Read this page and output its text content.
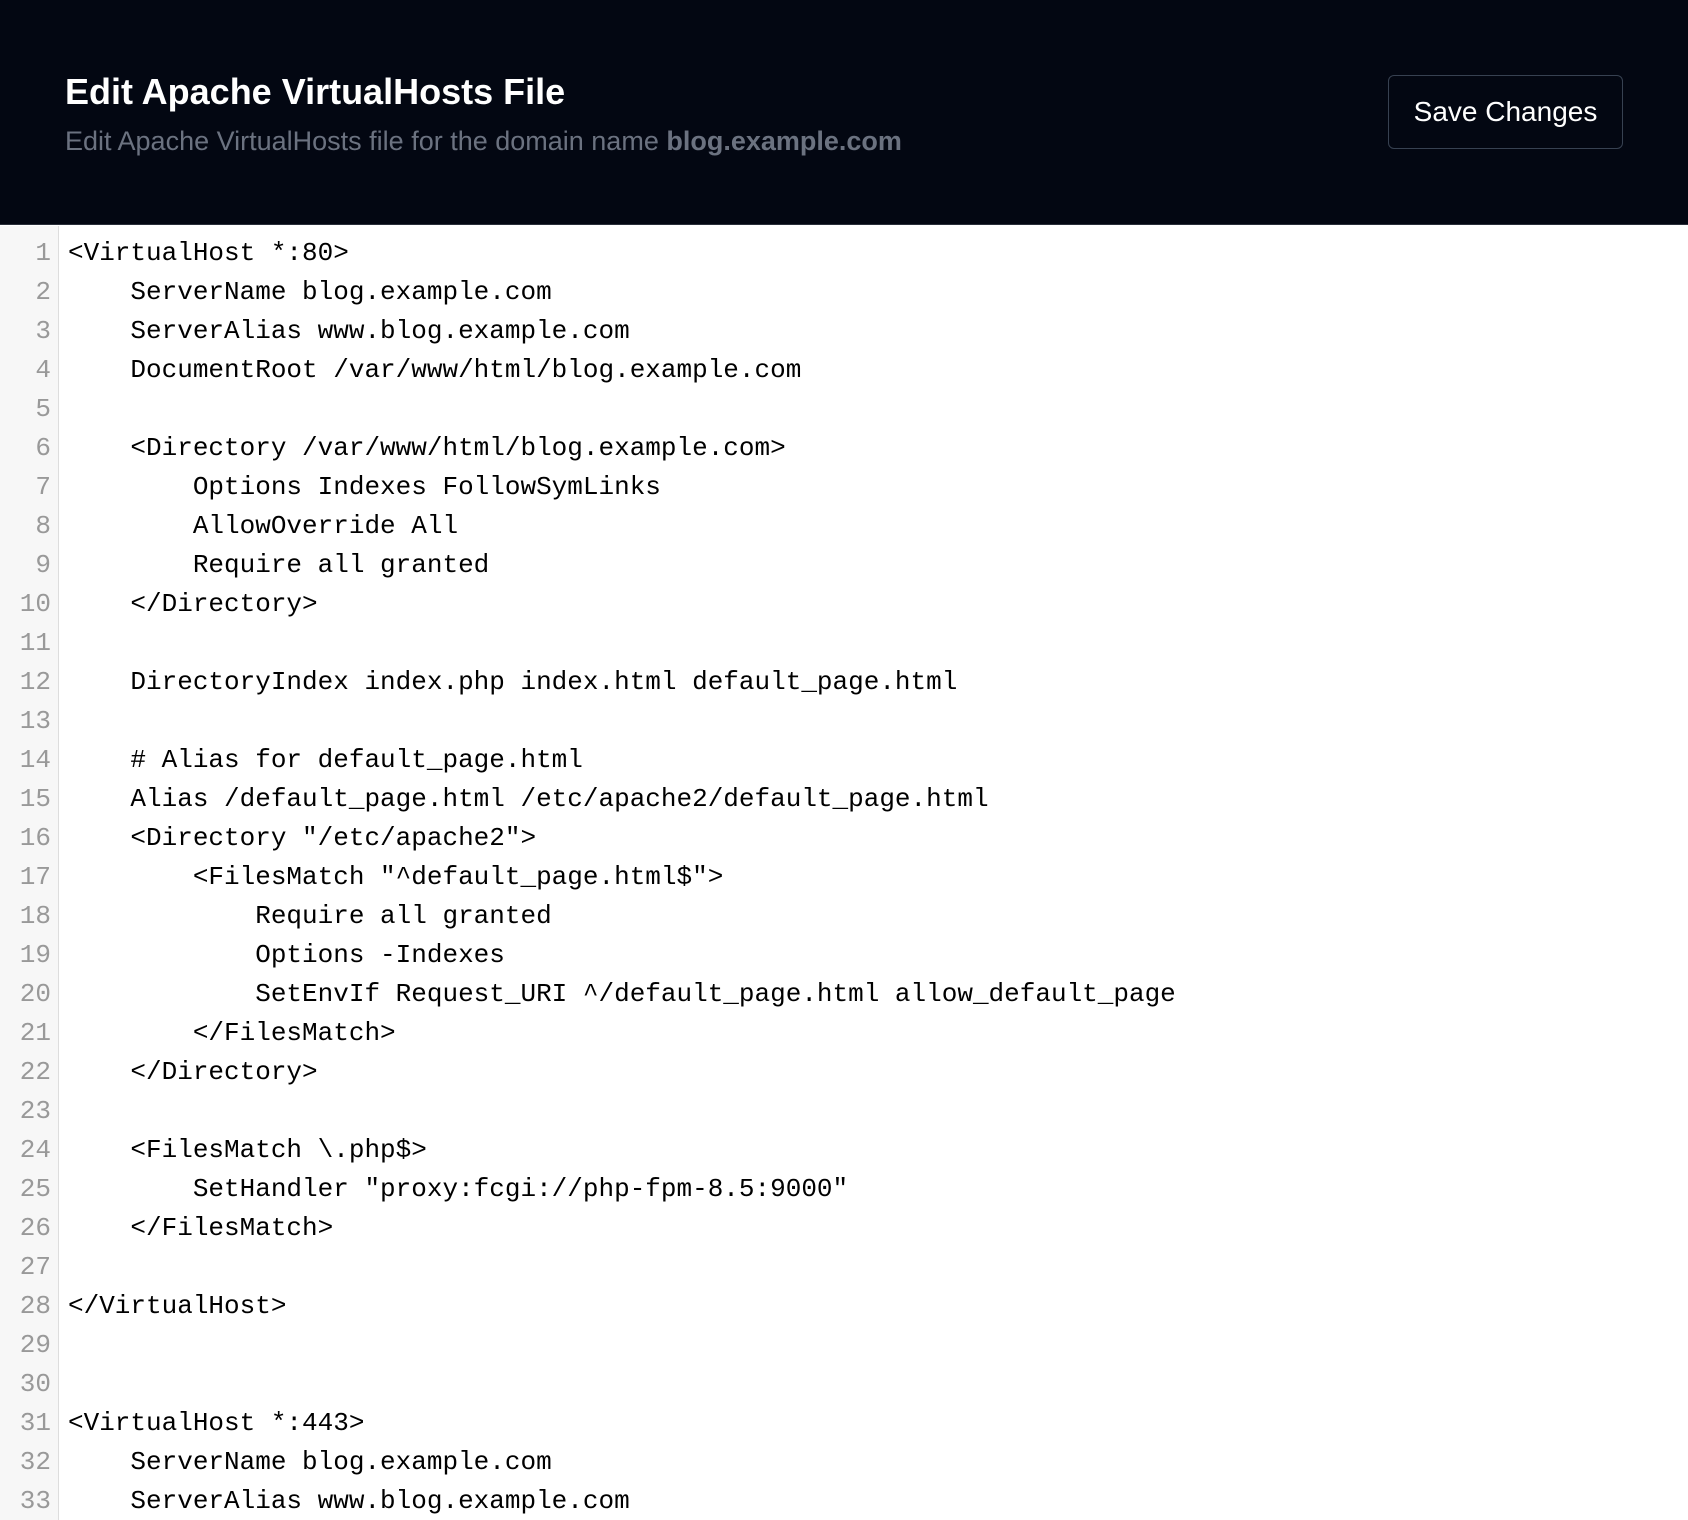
Edit Apache VirtualHosts File

Edit Apache VirtualHosts file for the domain name blog.example.com

Save Changes
1 <VirtualHost *:80>
2 ServerName blog.example.com
3 ServerAlias www.blog.example.com
4 DocumentRoot /var/www/html/blog.example.com
5
6 <Directory /var/www/html/blog.example.com>
7 Options Indexes FollowSymLinks
8 AllowOverride All
9 Require all granted
10 </Directory>
11
12 DirectoryIndex index.php index.html default_page.html
13
14 # Alias for default_page.html
15 Alias /default_page.html /etc/apache2/default_page.html
16 <Directory "/etc/apache2">
17 <FilesMatch "^default_page.html$">
18 Require all granted
19 Options -Indexes
20 SetEnvIf Request_URI ^/default_page.html allow_default_page
21 </FilesMatch>
22 </Directory>
23
24 <FilesMatch \.php$>
25 SetHandler "proxy:fcgi://php-fpm-8.5:9000"
26 </FilesMatch>
27
28 </VirtualHost>
29
30
31 <VirtualHost *:443>
32 ServerName blog.example.com
33 ServerAlias www.blog.example.com
